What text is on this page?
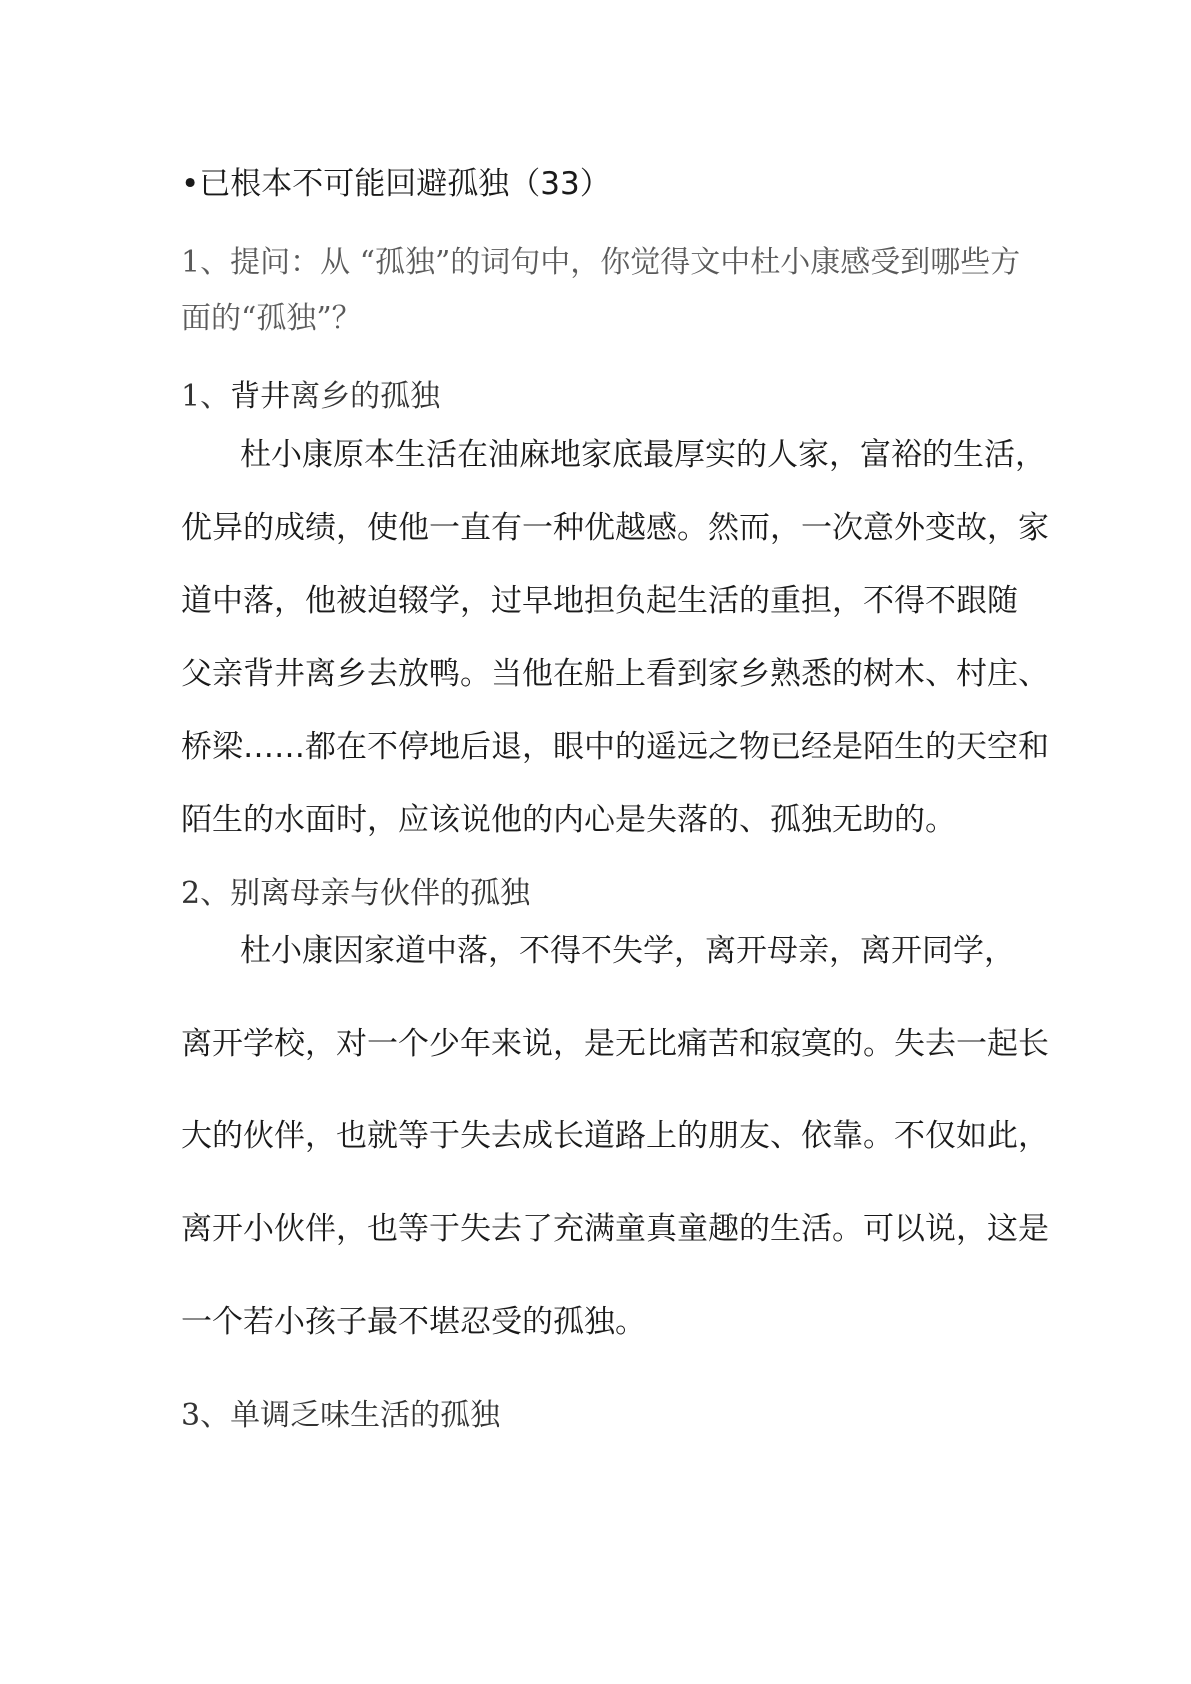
•已根本不可能回避孤独（33）
1、提问：从 “孤独”的词句中，你觉得文中杜小康感受到哪些方
面的“孤独”？
1、背井离乡的孤独
杜小康原本生活在油麻地家底最厚实的人家，富裕的生活，
优异的成绩，使他一直有一种优越感。然而，一次意外变故，家
道中落，他被迫辍学，过早地担负起生活的重担，不得不跟随
父亲背井离乡去放鸭。当他在船上看到家乡熟悉的树木、村庄、
桥梁……都在不停地后退，眼中的遥远之物已经是陌生的天空和
陌生的水面时，应该说他的内心是失落的、孤独无助的。
2、别离母亲与伙伴的孤独
杜小康因家道中落，不得不失学，离开母亲，离开同学，
离开学校，对一个少年来说，是无比痛苦和寂寞的。失去一起长
大的伙伴，也就等于失去成长道路上的朋友、依靠。不仅如此，
离开小伙伴，也等于失去了充满童真童趣的生活。可以说，这是
一个若小孩子最不堪忍受的孤独。
3、单调乏味生活的孤独
